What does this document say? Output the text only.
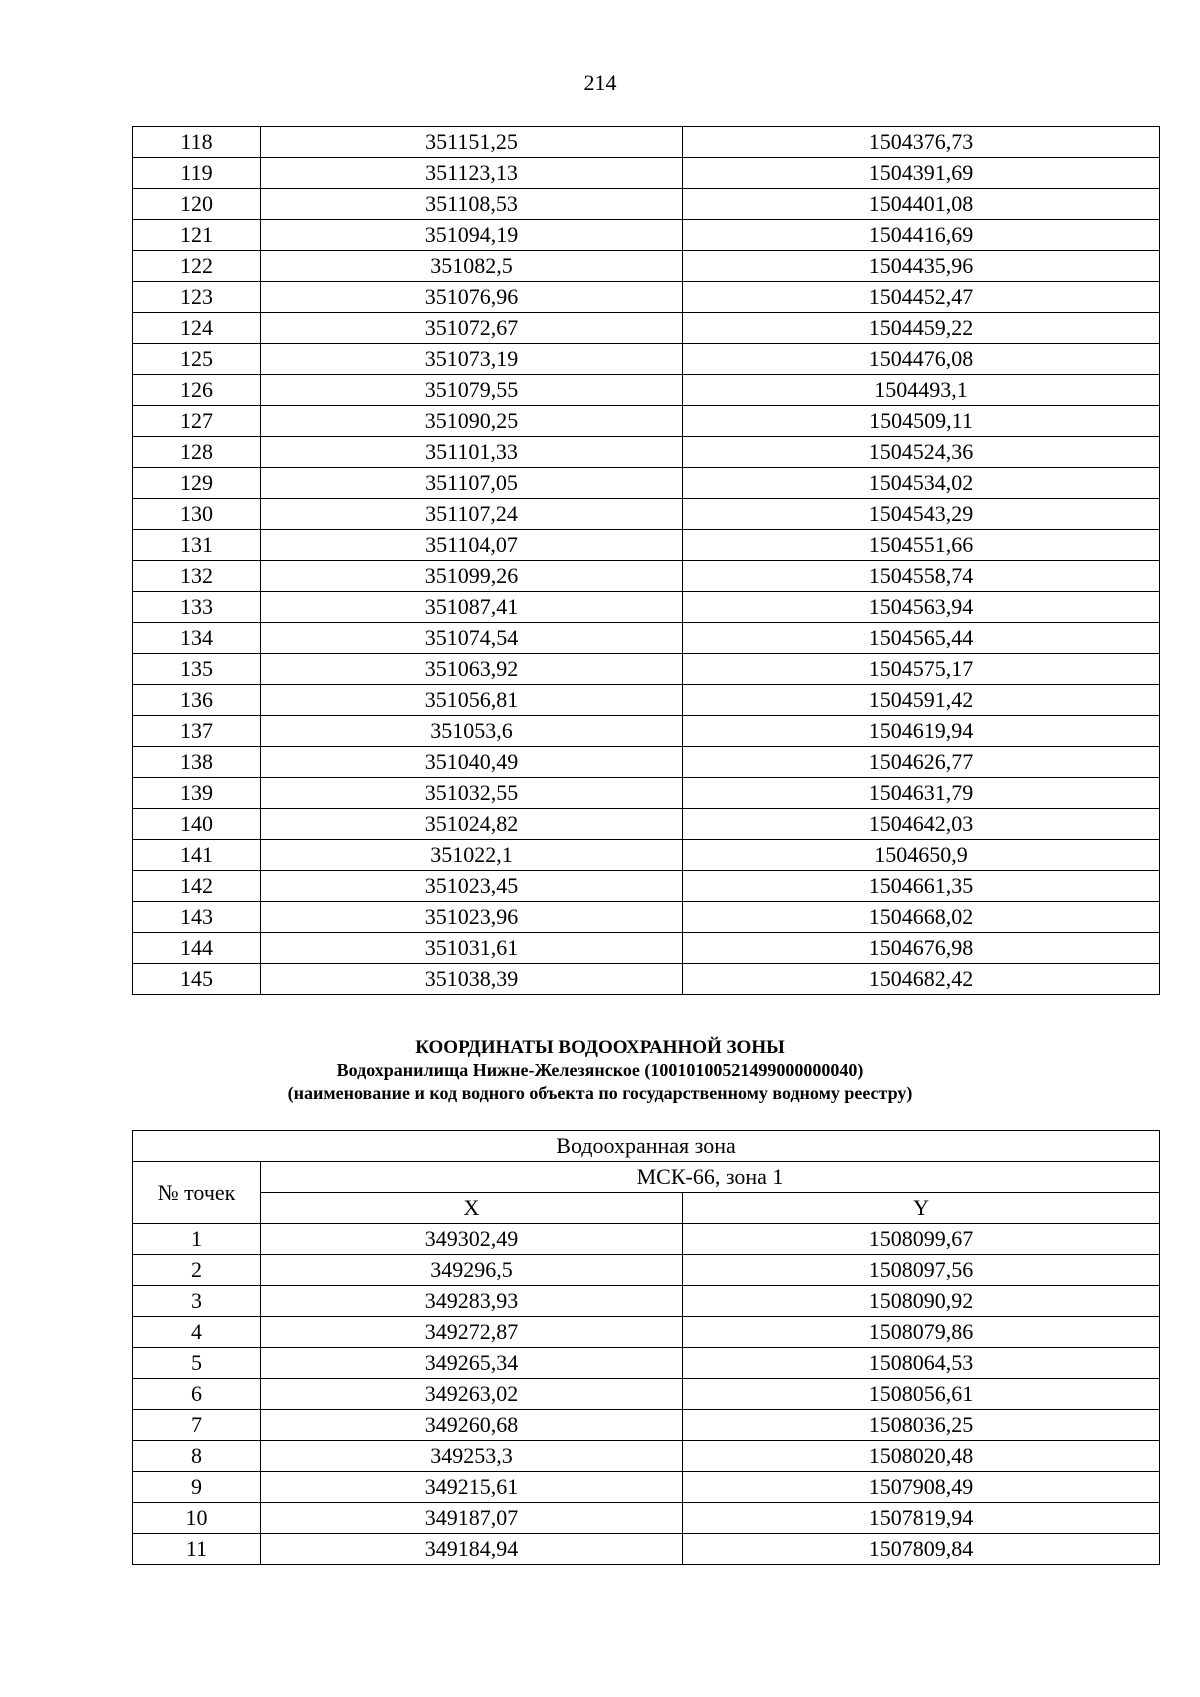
214
118	351151,25	1504376,73
119	351123,13	1504391,69
120	351108,53	1504401,08
121	351094,19	1504416,69
122	351082,5	1504435,96
123	351076,96	1504452,47
124	351072,67	1504459,22
125	351073,19	1504476,08
126	351079,55	1504493,1
127	351090,25	1504509,11
128	351101,33	1504524,36
129	351107,05	1504534,02
130	351107,24	1504543,29
131	351104,07	1504551,66
132	351099,26	1504558,74
133	351087,41	1504563,94
134	351074,54	1504565,44
135	351063,92	1504575,17
136	351056,81	1504591,42
137	351053,6	1504619,94
138	351040,49	1504626,77
139	351032,55	1504631,79
140	351024,82	1504642,03
141	351022,1	1504650,9
142	351023,45	1504661,35
143	351023,96	1504668,02
144	351031,61	1504676,98
145	351038,39	1504682,42
КООРДИНАТЫ ВОДООХРАННОЙ ЗОНЫ
Водохранилища Нижне-Железянское (10010100521499000000040)
(наименование и код водного объекта по государственному водному реестру)
Водоохранная зона		
№ точек	МСК-66, зона 1	
	X	Y
1	349302,49	1508099,67
2	349296,5	1508097,56
3	349283,93	1508090,92
4	349272,87	1508079,86
5	349265,34	1508064,53
6	349263,02	1508056,61
7	349260,68	1508036,25
8	349253,3	1508020,48
9	349215,61	1507908,49
10	349187,07	1507819,94
11	349184,94	1507809,84
